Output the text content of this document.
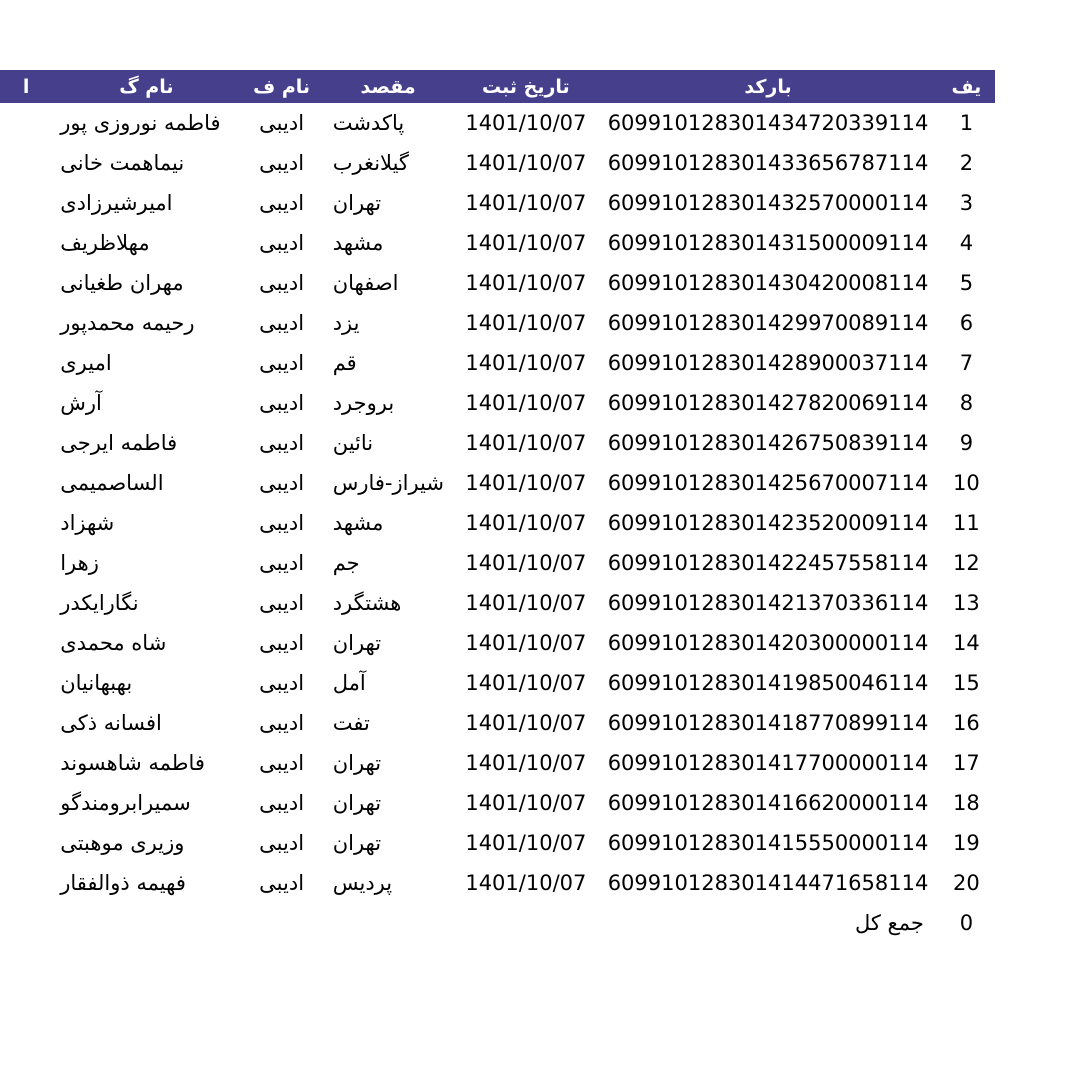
یف	بارکد	تاریخ ثبت	مقصد	نام ف	نام گ	ا
1	609910128301434720339114	1401/10/07	پاکدشت	ادیبی	فاطمه نوروزی پور	
2	609910128301433656787114	1401/10/07	گیلانغرب	ادیبی	نیماهمت خانی	
3	609910128301432570000114	1401/10/07	تهران	ادیبی	امیرشیرزادی	
4	609910128301431500009114	1401/10/07	مشهد	ادیبی	مهلاظریف	
5	609910128301430420008114	1401/10/07	اصفهان	ادیبی	مهران طغیانی	
6	609910128301429970089114	1401/10/07	یزد	ادیبی	رحیمه محمدپور	
7	609910128301428900037114	1401/10/07	قم	ادیبی	امیری	
8	609910128301427820069114	1401/10/07	بروجرد	ادیبی	آرش	
9	609910128301426750839114	1401/10/07	نائین	ادیبی	فاطمه ایرجی	
10	609910128301425670007114	1401/10/07	شیراز-فارس	ادیبی	الساصمیمی	
11	609910128301423520009114	1401/10/07	مشهد	ادیبی	شهزاد	
12	609910128301422457558114	1401/10/07	جم	ادیبی	زهرا	
13	609910128301421370336114	1401/10/07	هشتگرد	ادیبی	نگارایکدر	
14	609910128301420300000114	1401/10/07	تهران	ادیبی	شاه محمدی	
15	609910128301419850046114	1401/10/07	آمل	ادیبی	بهبهانیان	
16	609910128301418770899114	1401/10/07	تفت	ادیبی	افسانه ذکی	
17	609910128301417700000114	1401/10/07	تهران	ادیبی	فاطمه شاهسوند	
18	609910128301416620000114	1401/10/07	تهران	ادیبی	سمیرابرومندگو	
19	609910128301415550000114	1401/10/07	تهران	ادیبی	وزیری موهبتی	
20	609910128301414471658114	1401/10/07	پردیس	ادیبی	فهیمه ذوالفقار	
0	جمع کل					
